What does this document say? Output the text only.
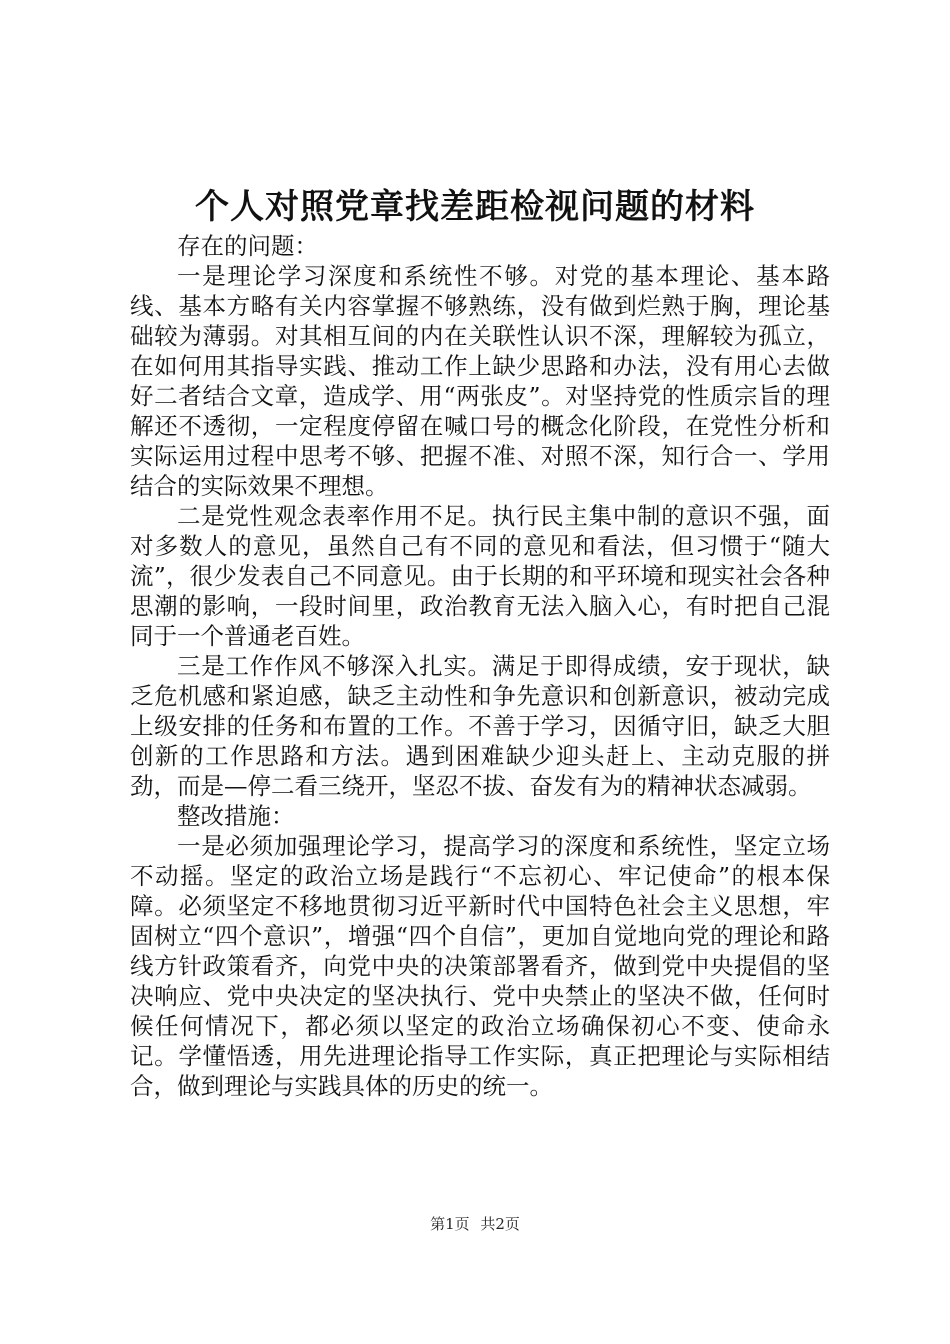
个人对照党章找差距检视问题的材料

存在的问题：

一是理论学习深度和系统性不够。对党的基本理论、基本路线、基本方略有关内容掌握不够熟练，没有做到烂熟于胸，理论基础较为薄弱。对其相互间的内在关联性认识不深，理解较为孤立，在如何用其指导实践、推动工作上缺少思路和办法，没有用心去做好二者结合文章，造成学、用“两张皮”。对坚持党的性质宗旨的理解还不透彻，一定程度停留在喊口号的概念化阶段，在党性分析和实际运用过程中思考不够、把握不准、对照不深，知行合一、学用结合的实际效果不理想。

二是党性观念表率作用不足。执行民主集中制的意识不强，面对多数人的意见，虽然自己有不同的意见和看法，但习惯于“随大流”，很少发表自己不同意见。由于长期的和平环境和现实社会各种思潮的影响，一段时间里，政治教育无法入脑入心，有时把自己混同于一个普通老百姓。

三是工作作风不够深入扎实。满足于即得成绩，安于现状，缺乏危机感和紧迫感，缺乏主动性和争先意识和创新意识，被动完成上级安排的任务和布置的工作。不善于学习，因循守旧，缺乏大胆创新的工作思路和方法。遇到困难缺少迎头赶上、主动克服的拼劲，而是—停二看三绕开，坚忍不拔、奋发有为的精神状态减弱。

整改措施：

一是必须加强理论学习，提高学习的深度和系统性，坚定立场不动摇。坚定的政治立场是践行“不忘初心、牢记使命”的根本保障。必须坚定不移地贯彻习近平新时代中国特色社会主义思想，牢固树立“四个意识”，增强“四个自信”，更加自觉地向党的理论和路线方针政策看齐，向党中央的决策部署看齐，做到党中央提倡的坚决响应、党中央决定的坚决执行、党中央禁止的坚决不做，任何时候任何情况下，都必须以坚定的政治立场确保初心不变、使命永记。学懂悟透，用先进理论指导工作实际，真正把理论与实际相结合，做到理论与实践具体的历史的统一。

第1页 共2页
